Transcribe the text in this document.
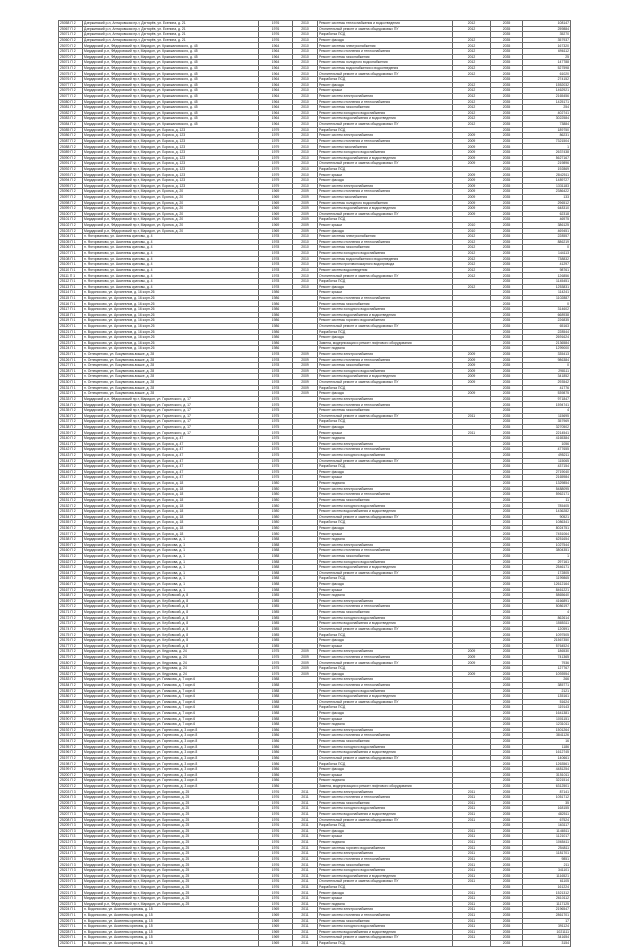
25058 П 2	Дзержинский р-н, Антаровская пр-т, Дзгтярёв, ул. Есенина, д. 21	1976	2010	Ремонт системы теплоснабжения и водоотведения	2012	2035	108147
25067 П 2	Дзержинский р-н, Антаровская пр-т, Дзгтярёв, ул. Есенина, д. 21	1976	2010	Отопительный ремонт и замена общедомовых ПУ	2012	2035	259884
25071 П 2	Дзержинский р-н, Антаровская пр-т, Дзгтярёв, ул. Есенина, д. 21	1976	2010	Разработка ПСД		2035	35270
25060 П 2	Дзержинский р-н, Антаровская пр-т, Дзгтярёв, ул. Есенина, д. 21	1976	2010	Ремонт фасада	2012	2035	357937
25070 П 2	Мирдарский р-н, Фёдоровский пр-т, Маридон, ул. Кржижановского, д. 45	1964	2010	Ремонт системы электроснабжения	2012	2035	167320
25071 П 2	Мирдарский р-н, Фёдоровский пр-т, Маридон, ул. Кржижановского, д. 45	1964	2010	Ремонт систем отопления и теплоснабжения	2012	2035	696112
25070 П 2	Мирдарский р-н, Фёдоровский пр-т, Маридон, ул. Кржижановского, д. 45	1964	2010	Ремонт системы газоснабжения	2012	2035	25
25071 П 2	Мирдарский р-н, Фёдоровский пр-т, Маридон, ул. Кржижановского, д. 45	1964	2010	Ремонт системы холодного водоснабжения	2012	2035	147788
25074 П 2	Мирдарский р-н, Фёдоровский пр-т, Маридон, ул. Кржижановского, д. 45	1964	2010	Ремонт системы водоснабжения и водоотведения	2012	2035	527598
25075 П 2	Мирдарский р-н, Фёдоровский пр-т, Маридон, ул. Кржижановского, д. 45	1964	2010	Отопительный ремонт и замена общедомовых ПУ	2012	2035	61020
25076 П 2	Мирдарский р-н, Фёдоровский пр-т, Маридон, ул. Кржижановского, д. 45	1964	2010	Разработка ПСД		2035	274152
25077 П 2	Мирдарский р-н, Фёдоровский пр-т, Маридон, ул. Кржижановского, д. 45	1964	2010	Ремонт фасада	2012	2035	1552032
25079 П 2	Мирдарский р-н, Фёдоровский пр-т, Маридон, ул. Кржижановского, д. 45	1964	2010	Ремонт крыши	2012	2035	1462921
25077 П 2	Мирдарский р-н, Фёдоровский пр-т, Маридон, ул. Кржижановского, д. 45	1964	2010	Ремонт систем электроснабжения	2012	2035	2165456
25080 П 2	Мирдарский р-н, Фёдоровский пр-т, Маридон, ул. Кржижановского, д. 45	1964	2010	Ремонт систем отопления и теплоснабжения	2012	2035	1425171
25081 П 2	Мирдарский р-н, Фёдоровский пр-т, Маридон, ул. Кржижановского, д. 45	1964	2010	Ремонт системы газоснабжения	2012	2035	254
25082 П 2	Мирдарский р-н, Фёдоровский пр-т, Маридон, ул. Кржижановского, д. 45	1964	2010	Ремонт систем холодного водоснабжения	2012	2035	402741
25083 П 2	Мирдарский р-н, Фёдоровский пр-т, Маридон, ул. Кржижановского, д. 45	1964	2010	Ремонт систем водоснабжения и водоотведения	2012	2035	3022584
25084 П 2	Мирдарский р-н, Фёдоровский пр-т, Маридон, ул. Кржижановского, д. 45	1964	2010	Отопительный ремонт и замена общедомовых ПУ	2012	2035	73884
25085 П 2	Мирдарский р-н, Фёдоровский пр-т, Маридон, ул. Бориса, д. 123	1979	2010	Разработка ПСД		2035	189750
25086 П 2	Мирдарский р-н, Фёдоровский пр-т, Маридон, ул. Бориса, д. 123	1979	2010	Ремонт систем электроснабжения	2009	2035	86231
25087 П 2	Мирдарский р-н, Фёдоровский пр-т, Маридон, ул. Бориса, д. 123	1979	2010	Ремонт систем отопления и теплоснабжения	2009	2035	7321504
25088 П 2	Мирдарский р-н, Фёдоровский пр-т, Маридон, ул. Бориса, д. 123	1979	2010	Ремонт систем газоснабжения	2009	2035	1
25089 П 2	Мирдарский р-н, Фёдоровский пр-т, Маридон, ул. Бориса, д. 123	1979	2010	Ремонт систем холодного водоснабжения	2009	2035	2637438
25090 П 2	Мирдарский р-н, Фёдоровский пр-т, Маридон, ул. Бориса, д. 123	1979	2010	Ремонт систем водоснабжения и водоотведения	2009	2035	5627167
25091 П 2	Мирдарский р-н, Фёдоровский пр-т, Маридон, ул. Бориса, д. 123	1979	2010	Отопительный ремонт и замена общедомовых ПУ	2009	2035	219896
25092 П 2	Мирдарский р-н, Фёдоровский пр-т, Маридон, ул. Бориса, д. 123	1979	2010	Разработка ПСД		2035	192869
25093 П 2	Мирдарский р-н, Фёдоровский пр-т, Маридон, ул. Бориса, д. 123	1979	2010	Ремонт крыши	2009	2035	2842511
25094 П 2	Мирдарский р-н, Фёдоровский пр-т, Маридон, ул. Бориса, д. 123	1979	2010	Ремонт фасада	2009	2035	1489727
25095 П 2	Мирдарский р-н, Фёдоровский пр-т, Маридон, ул. Бориса, д. 123	1979	2010	Ремонт систем электроснабжения	2009	2035	1331183
25096 П 2	Мирдарский р-н, Фёдоровский пр-т, Маридон, ул. Бронка, д. 20	1969	2009	Ремонт систем отопления и теплоснабжения	2009	2035	2386422
25097 П 2	Мирдарский р-н, Фёдоровский пр-т, Маридон, ул. Бронка, д. 20	1969	2009	Ремонт систем газоснабжения	2009	2035	133
25098 П 2	Мирдарский р-н, Фёдоровский пр-т, Маридон, ул. Бронка, д. 20	1969	2009	Ремонт системы холодного водоснабжения	2009	2035	296512
25099 П 2	Мирдарский р-н, Фёдоровский пр-т, Маридон, ул. Бронка, д. 20	1969	2009	Ремонт систем водоснабжения и водоотведения	2009	2035	648310
25100 П 2	Мирдарский р-н, Фёдоровский пр-т, Маридон, ул. Бронка, д. 20	1969	2009	Отопительный ремонт и замена общедомовых ПУ	2009	2035	62318
25101 П 2	Мирдарский р-н, Фёдоровский пр-т, Маридон, ул. Бронка, д. 20	1969	2009	Разработка ПСД		2035	46975
25102 П 2	Мирдарский р-н, Фёдоровский пр-т, Маридон, ул. Бронка, д. 20	1969	2009	Ремонт крыши	2010	2035	386125
25103 П 2	Мирдарский р-н, Фёдоровский пр-т, Маридон, ул. Бронка, д. 20	1969	2009	Ремонт фасада	2010	2035	469451
25104 П 1	п. Фоторваново, ул. Акселевы кратовы, д. 4	1978	2010	Ремонт системы электроснабжения	2012	2035	228557
25105 П 1	п. Фоторваново, ул. Акселевы кратовы, д. 4	1978	2010	Ремонт систем отопления и теплоснабжения	2012	2035	886219
25106 П 1	п. Фоторваново, ул. Акселевы кратовы, д. 4	1978	2010	Ремонт системы газоснабжения	2012	2035	0
25107 П 1	п. Фоторваново, ул. Акселевы кратовы, д. 4	1978	2010	Ремонт систем холодного водоснабжения	2012	2035	144113
25108 П 1	п. Фоторваново, ул. Акселевы кратовы, д. 4	1978	2010	Ремонт системы водоснабжения и водоотведения	2012	2035	738832
25109 П 1	п. Фоторваново, ул. Акселевы кратовы, д. 4	1978	2010	Ремонт систем противопожарного водопровода	2012	2035	41297
25110 П 1	п. Фоторваново, ул. Акселевы кратовы, д. 4	1978	2010	Ремонт систем водоотведения	2012	2035	98761
25111 П 1	п. Фоторваново, ул. Акселевы кратовы, д. 4	1978	2010	Отопительный ремонт и замена общедомовых ПУ	2012	2035	126856
25112 П 1	п. Фоторваново, ул. Акселевы кратовы, д. 4	1978	2010	Разработка ПСД		2035	1145451
25113 П 1	п. Фоторваново, ул. Акселевы кратовы, д. 4	1978	2010	Ремонт фасада	2012	2035	1253831
25114 П 1	п. Водоносово, ул. Архангелов, д. 16 корп.26	1986		Ремонт крыши		2035	114241
25115 П 1	п. Водоносово, ул. Архангелов, д. 16 корп.26	1986		Ремонт систем отопления и теплоснабжения		2035	1102887
25116 П 1	п. Водоносово, ул. Архангелов, д. 16 корп.26	1986		Ремонт системы газоснабжения		2035	0
25117 П 1	п. Водоносово, ул. Архангелов, д. 16 корп.26	1986		Ремонт систем холодного водоснабжения		2035	314602
25118 П 1	п. Водоносово, ул. Архангелов, д. 16 корп.26	1986		Ремонт систем водоснабжения и водоотведения		2035	668938
25119 П 1	п. Водоносово, ул. Архангелов, д. 16 корп.26	1986		Ремонт системы горячего водоснабжения		2035	226835
25120 П 1	п. Водоносово, ул. Архангелов, д. 16 корп.26	1986		Отопительный ремонт и замена общедомовых ПУ		2035	65163
25121 П 1	п. Водоносово, ул. Архангелов, д. 16 корп.26	1986		Разработка ПСД		2035	228544
25122 П 1	п. Водоносово, ул. Архангелов, д. 16 корп.26	1986		Ремонт фасада		2035	2691624
25123 П 1	п. Водоносово, ул. Архангелов, д. 16 корп.26	1986		Замена, модернизация и ремонт лифтового оборудования		2035	2136584
25124 П 1	п. Водоносово, ул. Архангелов, д. 16 корп.26	1986		Ремонт подвала		2035	1299000
25125 П 1	п. Огнецветово, ул. Бокувинова-вошке, д. 28	1978	2009	Ремонт систем электроснабжения	2009	2035	335413
25126 П 1	п. Огнецветово, ул. Бокувинова-вошке, д. 28	1978	2009	Ремонт систем отопления и теплоснабжения	2009	2035	986384
25127 П 1	п. Огнецветово, ул. Бокувинова-вошке, д. 28	1978	2009	Ремонт системы газоснабжения	2009	2035	0
25128 П 1	п. Огнецветово, ул. Бокувинова-вошке, д. 28	1978	2009	Ремонт систем холодного водоснабжения	2009	2035	298111
25129 П 1	п. Огнецветово, ул. Бокувинова-вошке, д. 28	1978	2009	Ремонт систем водоснабжения и водоотведения	2009	2035	341852
25130 П 1	п. Огнецветово, ул. Бокувинова-вошке, д. 28	1978	2009	Отопительный ремонт и замена общедомовых ПУ	2009	2035	293542
25131 П 1	п. Огнецветово, ул. Бокувинова-вошке, д. 28	1978	2009	Разработка ПСД		2035	41776
25132 П 1	п. Огнецветово, ул. Бокувинова-вошке, д. 28	1978	2009	Ремонт фасада	2009	2035	539875
25133 П 2	Мирдарский р-н, Фёдоровский пр-т, Маридон, ул. Гарьенского, д. 17	1975		Ремонт систем электроснабжения		2035	971847
25134 П 2	Мирдарский р-н, Фёдоровский пр-т, Маридон, ул. Гарьенского, д. 17	1975		Ремонт систем отопления и теплоснабжения		2035	1594741
25135 П 2	Мирдарский р-н, Фёдоровский пр-т, Маридон, ул. Гарьенского, д. 17	1975		Ремонт системы газоснабжения		2035	4
25136 П 2	Мирдарский р-н, Фёдоровский пр-т, Маридон, ул. Гарьенского, д. 17	1975		Отопительный ремонт и замена общедомовых ПУ	2011	2035	115695
25137 П 2	Мирдарский р-н, Фёдоровский пр-т, Маридон, ул. Гарьенского, д. 17	1975		Разработка ПСД		2035	357969
25138 П 2	Мирдарский р-н, Фёдоровский пр-т, Маридон, ул. Гарьенского, д. 17	1975		Ремонт фасада		2035	3270502
25139 П 2	Мирдарский р-н, Фёдоровский пр-т, Маридон, ул. Гарьенского, д. 17	1975		Ремонт крыши	2011	2035	2214541
25140 П 2	Мирдарский р-н, Фёдоровский пр-т, Маридон, ул. Бориса, д. 47	1975		Ремонт подвала		2035	4165384
25141 П 2	Мирдарский р-н, Фёдоровский пр-т, Маридон, ул. Бориса, д. 47	1975		Ремонт систем электроснабжения		2035	1056
25142 П 2	Мирдарский р-н, Фёдоровский пр-т, Маридон, ул. Бориса, д. 47	1975		Ремонт систем отопления и теплоснабжения		2035	477655
25143 П 2	Мирдарский р-н, Фёдоровский пр-т, Маридон, ул. Бориса, д. 47	1975		Ремонт систем холодного водоснабжения		2035	495211
25144 П 2	Мирдарский р-н, Фёдоровский пр-т, Маридон, ул. Бориса, д. 47	1975		Отопительный ремонт и замена общедомовых ПУ		2035	115065
25145 П 2	Мирдарский р-н, Фёдоровский пр-т, Маридон, ул. Бориса, д. 47	1975		Разработка ПСД		2035	437154
25146 П 2	Мирдарский р-н, Фёдоровский пр-т, Маридон, ул. Бориса, д. 47	1975		Ремонт фасада		2035	2719040
25147 П 2	Мирдарский р-н, Фёдоровский пр-т, Маридон, ул. Бориса, д. 47	1975		Ремонт крыши		2035	2165984
25148 П 2	Мирдарский р-н, Фёдоровский пр-т, Маридон, ул. Бориса, д. 18	1980		Ремонт подвала		2035	1329854
25149 П 2	Мирдарский р-н, Фёдоровский пр-т, Маридон, ул. Бориса, д. 18	1980		Ремонт систем электроснабжения		2035	5488095
25150 П 2	Мирдарский р-н, Фёдоровский пр-т, Маридон, ул. Бориса, д. 18	1980		Ремонт систем отопления и теплоснабжения		2035	5962171
25151 П 2	Мирдарский р-н, Фёдоровский пр-т, Маридон, ул. Бориса, д. 18	1980		Ремонт системы газоснабжения		2035	11
25152 П 2	Мирдарский р-н, Фёдоровский пр-т, Маридон, ул. Бориса, д. 18	1980		Ремонт систем холодного водоснабжения		2035	785405
25153 П 2	Мирдарский р-н, Фёдоровский пр-т, Маридон, ул. Бориса, д. 18	1980		Ремонт систем водоснабжения и водоотведения		2035	1436282
25154 П 2	Мирдарский р-н, Фёдоровский пр-т, Маридон, ул. Бориса, д. 18	1980		Отопительный ремонт и замена общедомовых ПУ		2035	90521
25155 П 2	Мирдарский р-н, Фёдоровский пр-т, Маридон, ул. Бориса, д. 18	1980		Разработка ПСД		2035	1086341
25156 П 2	Мирдарский р-н, Фёдоровский пр-т, Маридон, ул. Бориса, д. 18	1980		Ремонт фасада		2035	8024751
25157 П 2	Мирдарский р-н, Фёдоровский пр-т, Маридон, ул. Бориса, д. 18	1980		Ремонт крыши		2035	7451064
25158 П 2	Мирдарский р-н, Фёдоровский пр-т, Маридон, ул. Борисова, д. 1	1988		Ремонт подвала		2035	6251654
25159 П 2	Мирдарский р-н, Фёдоровский пр-т, Маридон, ул. Борисова, д. 1	1988		Ремонт систем электроснабжения		2035	1027544
25160 П 2	Мирдарский р-н, Фёдоровский пр-т, Маридон, ул. Борисова, д. 1	1988		Ремонт систем отопления и теплоснабжения		2035	3804351
25161 П 2	Мирдарский р-н, Фёдоровский пр-т, Маридон, ул. Борисова, д. 1	1988		Ремонт системы газоснабжения		2035	1
25162 П 2	Мирдарский р-н, Фёдоровский пр-т, Маридон, ул. Борисова, д. 1	1988		Ремонт систем холодного водоснабжения		2035	297161
25163 П 2	Мирдарский р-н, Фёдоровский пр-т, Маридон, ул. Борисова, д. 1	1988		Ремонт систем водоснабжения и водоотведения		2035	2546171
25164 П 2	Мирдарский р-н, Фёдоровский пр-т, Маридон, ул. Борисова, д. 1	1988		Отопительный ремонт и замена общедомовых ПУ		2035	172805
25165 П 2	Мирдарский р-н, Фёдоровский пр-т, Маридон, ул. Борисова, д. 1	1988		Разработка ПСД		2035	1199865
25166 П 2	Мирдарский р-н, Фёдоровский пр-т, Маридон, ул. Борисова, д. 1	1988		Ремонт фасада		2035	12612164
25167 П 2	Мирдарский р-н, Фёдоровский пр-т, Маридон, ул. Борисова, д. 1	1988		Ремонт крыши		2035	8461221
25168 П 2	Мирдарский р-н, Фёдоровский пр-т, Маридон, ул. Клубовский, д. 8	1985		Ремонт подвала		2035	5865640
25169 П 2	Мирдарский р-н, Фёдоровский пр-т, Маридон, ул. Клубовский, д. 8	1985		Ремонт систем электроснабжения		2035	4166891
25170 П 2	Мирдарский р-н, Фёдоровский пр-т, Маридон, ул. Клубовский, д. 8	1985		Ремонт систем отопления и теплоснабжения		2035	5086197
25171 П 2	Мирдарский р-н, Фёдоровский пр-т, Маридон, ул. Клубовский, д. 8	1985		Ремонт системы газоснабжения		2035	4
25172 П 2	Мирдарский р-н, Фёдоровский пр-т, Маридон, ул. Клубовский, д. 8	1985		Ремонт систем холодного водоснабжения		2035	862614
25173 П 2	Мирдарский р-н, Фёдоровский пр-т, Маридон, ул. Клубовский, д. 8	1985		Ремонт систем водоснабжения и водоотведения		2035	1585311
25174 П 2	Мирдарский р-н, Фёдоровский пр-т, Маридон, ул. Клубовский, д. 8	1985		Отопительный ремонт и замена общедомовых ПУ		2035	120591
25175 П 2	Мирдарский р-н, Фёдоровский пр-т, Маридон, ул. Клубовский, д. 8	1985		Разработка ПСД		2035	1097505
25176 П 2	Мирдарский р-н, Фёдоровский пр-т, Маридон, ул. Клубовский, д. 8	1985		Ремонт фасада		2035	21567350
25177 П 2	Мирдарский р-н, Фёдоровский пр-т, Маридон, ул. Клубовский, д. 8	1985		Ремонт крыши		2035	5764524
25178 П 2	Мирдарский р-н, Фёдоровский пр-т, Маридон, ул. Кедровая, д. 24	1975	2009	Ремонт систем электроснабжения	2009	2035	186530
25179 П 2	Мирдарский р-н, Фёдоровский пр-т, Маридон, ул. Кедровая, д. 24	1975	2009	Ремонт систем отопления и теплоснабжения	2009	2035	741365
25180 П 2	Мирдарский р-н, Фёдоровский пр-т, Маридон, ул. Кедровая, д. 24	1975	2009	Отопительный ремонт и замена общедомовых ПУ	2009	2035	7936
25181 П 2	Мирдарский р-н, Фёдоровский пр-т, Маридон, ул. Кедровая, д. 24	1975	2009	Разработка ПСД		2035	127767
25182 П 2	Мирдарский р-н, Фёдоровский пр-т, Маридон, ул. Кедровая, д. 24	1975	2009	Ремонт фасада	2009	2035	1093954
25183 П 2	Мирдарский р-н, Фёдоровский пр-т, Маридон, ул. Ганакова, д. 7 корп.6	1988		Ремонт систем электроснабжения		2035	266
25184 П 2	Мирдарский р-н, Фёдоровский пр-т, Маридон, ул. Ганакова, д. 7 корп.6	1988		Ремонт систем отопления и теплоснабжения		2035	385771
25185 П 2	Мирдарский р-н, Фёдоровский пр-т, Маридон, ул. Ганакова, д. 7 корп.6	1988		Ремонт систем холодного водоснабжения		2035	2121
25186 П 2	Мирдарский р-н, Фёдоровский пр-т, Маридон, ул. Ганакова, д. 7 корп.6	1988		Ремонт систем водоснабжения и водоотведения		2035	135161
25187 П 2	Мирдарский р-н, Фёдоровский пр-т, Маридон, ул. Ганакова, д. 7 корп.6	1988		Отопительный ремонт и замена общедомовых ПУ		2035	51624
25188 П 2	Мирдарский р-н, Фёдоровский пр-т, Маридон, ул. Ганакова, д. 7 корп.6	1988		Разработка ПСД		2035	119143
25189 П 2	Мирдарский р-н, Фёдоровский пр-т, Маридон, ул. Ганакова, д. 7 корп.6	1988		Ремонт фасада		2035	1641381
25190 П 2	Мирдарский р-н, Фёдоровский пр-т, Маридон, ул. Ганакова, д. 7 корп.6	1988		Ремонт крыши		2035	1001151
25191 П 2	Мирдарский р-н, Фёдоровский пр-т, Маридон, ул. Ганакова, д. 7 корп.6	1988		Ремонт подвала		2035	1231011
25192 П 2	Мирдарский р-н, Фёдоровский пр-т, Маридон, ул. Гарпесова, д. 3 корп.8	1986		Ремонт систем электроснабжения		2035	1501264
25193 П 2	Мирдарский р-н, Фёдоровский пр-т, Маридон, ул. Гарпесова, д. 3 корп.8	1986		Ремонт систем отопления и теплоснабжения		2035	3841126
25194 П 2	Мирдарский р-н, Фёдоровский пр-т, Маридон, ул. Гарпесова, д. 3 корп.8	1986		Ремонт системы газоснабжения		2035	16
25195 П 2	Мирдарский р-н, Фёдоровский пр-т, Маридон, ул. Гарпесова, д. 3 корп.8	1986		Ремонт систем холодного водоснабжения		2035	1186
25196 П 2	Мирдарский р-н, Фёдоровский пр-т, Маридон, ул. Гарпесова, д. 3 корп.8	1986		Ремонт систем водоснабжения и водоотведения		2035	1612745
25197 П 2	Мирдарский р-н, Фёдоровский пр-т, Маридон, ул. Гарпесова, д. 3 корп.8	1986		Отопительный ремонт и замена общедомовых ПУ		2035	140661
25198 П 2	Мирдарский р-н, Фёдоровский пр-т, Маридон, ул. Гарпесова, д. 3 корп.8	1986		Разработка ПСД		2035	1263561
25199 П 2	Мирдарский р-н, Фёдоровский пр-т, Маридон, ул. Гарпесова, д. 3 корп.8	1986		Ремонт фасада		2035	4481254
25200 П 2	Мирдарский р-н, Фёдоровский пр-т, Маридон, ул. Гарпесова, д. 3 корп.8	1986		Ремонт крыши		2035	3151011
25201 П 2	Мирдарский р-н, Фёдоровский пр-т, Маридон, ул. Гарпесова, д. 3 корп.8	1986		Ремонт подвала		2035	3221514
25202 П 2	Мирдарский р-н, Фёдоровский пр-т, Маридон, ул. Гарпесова, д. 3 корп.8	1986		Замена, модернизация и ремонт лифтового оборудования		2035	6312501
25203 П 3	Мирдарский р-н, Фёдоровский пр-т, Маридон, ул. Бирюзовая, д. 25	1976	2011	Ремонт систем электроснабжения	2011	2035	87141
25204 П 3	Мирдарский р-н, Фёдоровский пр-т, Маридон, ул. Бирюзовая, д. 25	1976	2011	Ремонт систем отопления и теплоснабжения	2011	2035	1051712
25205 П 3	Мирдарский р-н, Фёдоровский пр-т, Маридон, ул. Бирюзовая, д. 25	1976	2011	Ремонт системы газоснабжения	2011	2035	35
25206 П 3	Мирдарский р-н, Фёдоровский пр-т, Маридон, ул. Бирюзовая, д. 25	1976	2011	Ремонт систем холодного водоснабжения	2011	2035	168155
25207 П 3	Мирдарский р-н, Фёдоровский пр-т, Маридон, ул. Бирюзовая, д. 25	1976	2011	Ремонт систем водоснабжения и водоотведения	2011	2035	482511
25208 П 3	Мирдарский р-н, Фёдоровский пр-т, Маридон, ул. Бирюзовая, д. 25	1976	2011	Отопительный ремонт и замена общедомовых ПУ	2011	2035	67524
25209 П 3	Мирдарский р-н, Фёдоровский пр-т, Маридон, ул. Бирюзовая, д. 25	1976	2011	Разработка ПСД		2035	163117
25210 П 3	Мирдарский р-н, Фёдоровский пр-т, Маридон, ул. Бирюзовая, д. 25	1976	2011	Ремонт фасада	2011	2035	1146511
25211 П 3	Мирдарский р-н, Фёдоровский пр-т, Маридон, ул. Бирюзовая, д. 25	1976	2011	Ремонт крыши	2011	2035	1121017
25212 П 3	Мирдарский р-н, Фёдоровский пр-т, Маридон, ул. Бирюзовая, д. 25	1976	2011	Ремонт подвала	2011	2035	1065411
25213 П 3	Мирдарский р-н, Фёдоровский пр-т, Маридон, ул. Бирюзовая, д. 25	1976	2011	Ремонт системы горячего водоснабжения	2011	2035	254811
25214 П 3	Мирдарский р-н, Фёдоровский пр-т, Маридон, ул. Бирюзовая, д. 25	1976	2011	Ремонт систем электроснабжения	2011	2035	1181701
25215 П 3	Мирдарский р-н, Фёдоровский пр-т, Маридон, ул. Бирюзовая, д. 25	1976	2011	Ремонт систем отопления и теплоснабжения	2011	2035	9851
25216 П 3	Мирдарский р-н, Фёдоровский пр-т, Маридон, ул. Бирюзовая, д. 25	1976	2011	Ремонт системы газоснабжения	2011	2035	211
25217 П 3	Мирдарский р-н, Фёдоровский пр-т, Маридон, ул. Бирюзовая, д. 25	1976	2011	Ремонт систем холодного водоснабжения	2011	2035	341101
25218 П 3	Мирдарский р-н, Фёдоровский пр-т, Маридон, ул. Бирюзовая, д. 25	1976	2011	Ремонт систем водоснабжения и водоотведения	2011	2035	1116521
25219 П 3	Мирдарский р-н, Фёдоровский пр-т, Маридон, ул. Бирюзовая, д. 25	1976	2011	Отопительный ремонт и замена общедомовых ПУ	2011	2035	61105
25220 П 3	Мирдарский р-н, Фёдоровский пр-т, Маридон, ул. Бирюзовая, д. 25	1976	2011	Разработка ПСД		2035	161224
25221 П 3	Мирдарский р-н, Фёдоровский пр-т, Маридон, ул. Бирюзовая, д. 25	1976	2011	Ремонт фасада	2011	2035	1521312
25222 П 3	Мирдарский р-н, Фёдоровский пр-т, Маридон, ул. Бирюзовая, д. 25	1976	2011	Ремонт крыши	2011	2035	2610112
25223 П 3	Мирдарский р-н, Фёдоровский пр-т, Маридон, ул. Бирюзовая, д. 25	1976	2011	Ремонт подвала	2011	2035	1117125
25224 П 1	п. Водоносово, ул. Акселевы кратовы, д. 15	1969	2011	Ремонт систем электроснабжения	2011	2035	2196547
25225 П 1	п. Водоносово, ул. Акселевы кратовы, д. 15	1969	2011	Ремонт систем отопления и теплоснабжения	2011	2035	2861701
25226 П 1	п. Водоносово, ул. Акселевы кратовы, д. 15	1969	2011	Ремонт системы газоснабжения	2011	2035	17
25227 П 1	п. Водоносово, ул. Акселевы кратовы, д. 15	1969	2011	Ремонт систем холодного водоснабжения	2011	2035	391124
25228 П 1	п. Водоносово, ул. Акселевы кратовы, д. 15	1969	2011	Ремонт систем водоснабжения и водоотведения	2011	2035	1021111
25229 П 1	п. Водоносово, ул. Акселевы кратовы, д. 15	1969	2011	Отопительный ремонт и замена общедомовых ПУ	2011	2035	341654
25230 П 1	п. Водоносово, ул. Акселевы кратовы, д. 15	1969	2011	Разработка ПСД		2035	3154
